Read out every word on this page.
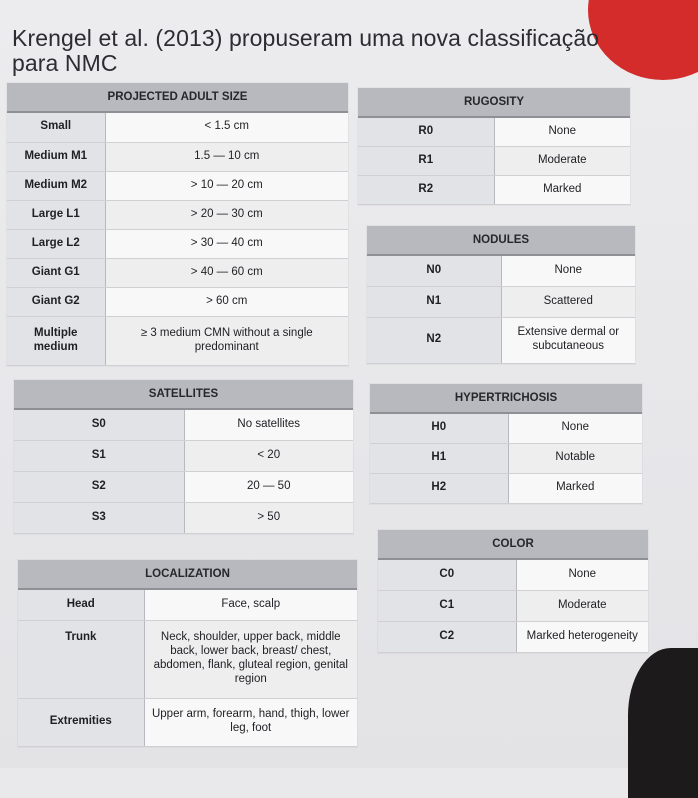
Krengel et al. (2013) propuseram uma nova classificação para NMC
PROJECTED ADULT SIZE	
Small	< 1.5 cm
Medium M1	1.5 — 10 cm
Medium M2	> 10 — 20 cm
Large L1	> 20 — 30 cm
Large L2	> 30 — 40 cm
Giant G1	> 40 — 60 cm
Giant G2	> 60 cm
Multiple medium	≥ 3 medium CMN without a single predominant
RUGOSITY	
R0	None
R1	Moderate
R2	Marked
NODULES	
N0	None
N1	Scattered
N2	Extensive dermal or subcutaneous
SATELLITES	
S0	No satellites
S1	< 20
S2	20 — 50
S3	> 50
HYPERTRICHOSIS	
H0	None
H1	Notable
H2	Marked
COLOR	
C0	None
C1	Moderate
C2	Marked heterogeneity
LOCALIZATION	
Head	Face, scalp
Trunk	Neck, shoulder, upper back, middle back, lower back, breast/ chest, abdomen, flank, gluteal region, genital region
Extremities	Upper arm, forearm, hand, thigh, lower leg, foot
